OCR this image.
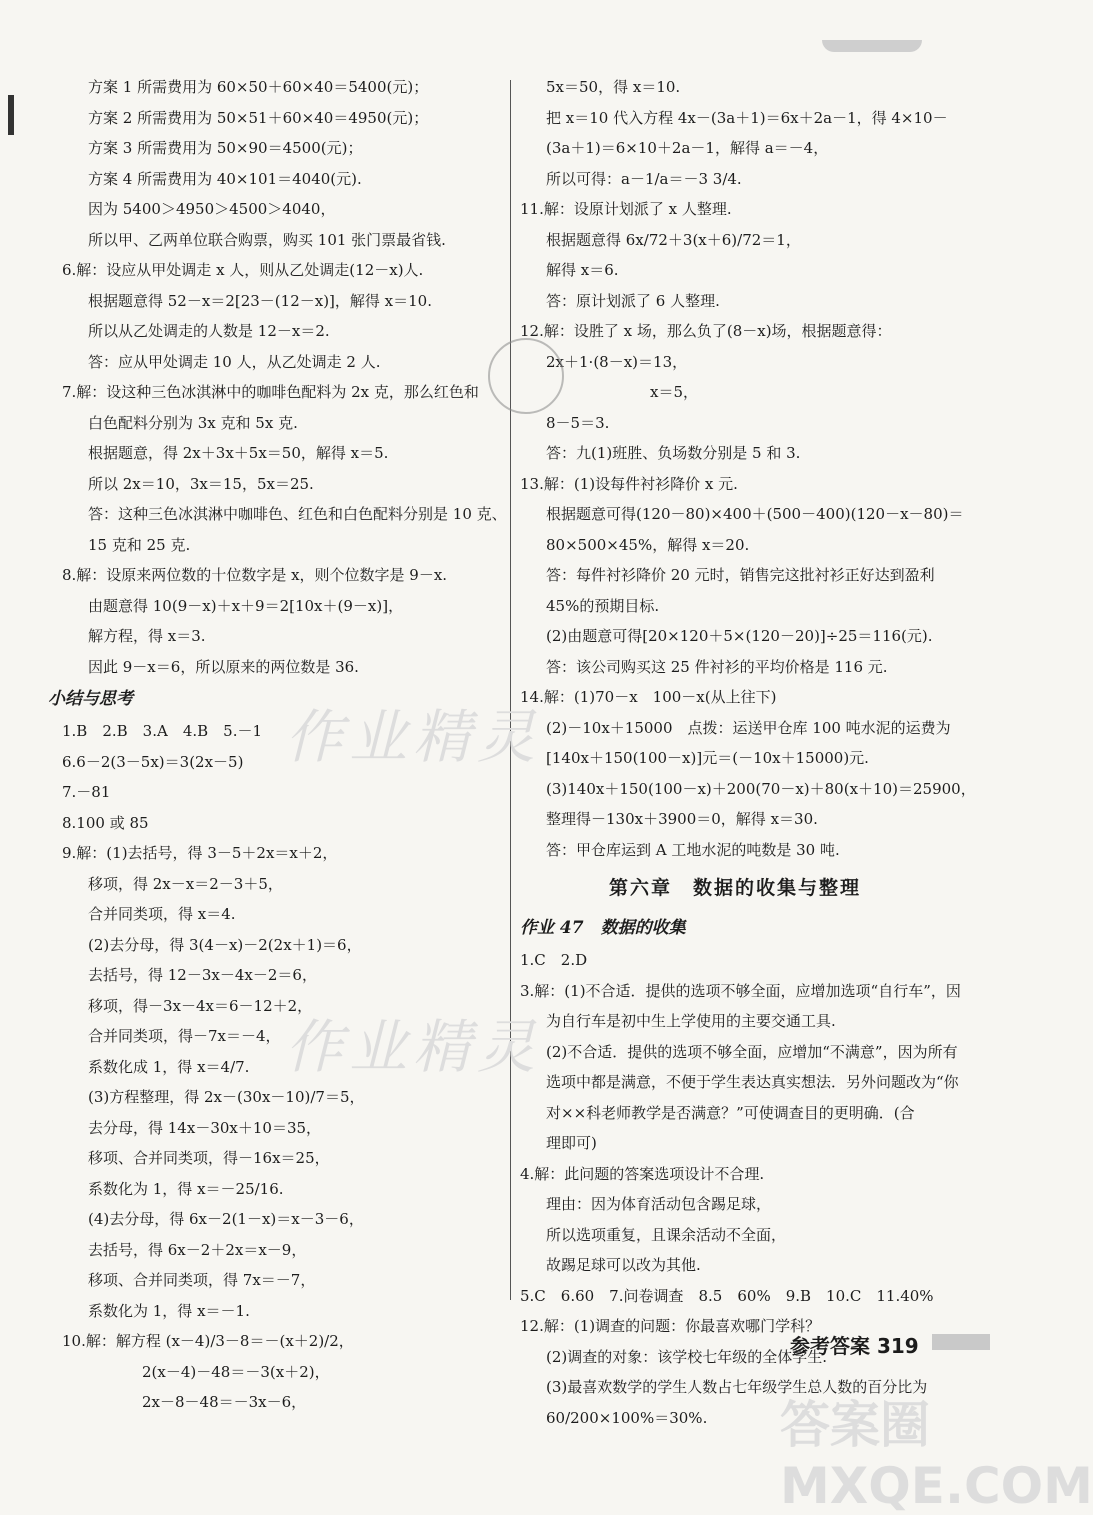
方案 1 所需费用为 60×50＋60×40＝5400(元)；
方案 2 所需费用为 50×51＋60×40＝4950(元)；
方案 3 所需费用为 50×90＝4500(元)；
方案 4 所需费用为 40×101＝4040(元).
因为 5400＞4950＞4500＞4040，
所以甲、乙两单位联合购票，购买 101 张门票最省钱.
6.解：设应从甲处调走 x 人，则从乙处调走(12－x)人.
根据题意得 52－x＝2[23－(12－x)]，解得 x＝10.
所以从乙处调走的人数是 12－x＝2.
答：应从甲处调走 10 人，从乙处调走 2 人.
7.解：设这种三色冰淇淋中的咖啡色配料为 2x 克，那么红色和
白色配料分别为 3x 克和 5x 克.
根据题意，得 2x＋3x＋5x＝50，解得 x＝5.
所以 2x＝10，3x＝15，5x＝25.
答：这种三色冰淇淋中咖啡色、红色和白色配料分别是 10 克、
15 克和 25 克.
8.解：设原来两位数的十位数字是 x，则个位数字是 9－x.
由题意得 10(9－x)＋x＋9＝2[10x＋(9－x)]，
解方程，得 x＝3.
因此 9－x＝6，所以原来的两位数是 36.
小结与思考
1.B　2.B　3.A　4.B　5.－1
6.6－2(3－5x)＝3(2x－5)
7.－81
8.100 或 85
9.解：(1)去括号，得 3－5＋2x＝x＋2，
移项，得 2x－x＝2－3＋5，
合并同类项，得 x＝4.
(2)去分母，得 3(4－x)－2(2x＋1)＝6，
去括号，得 12－3x－4x－2＝6，
移项，得－3x－4x＝6－12＋2，
合并同类项，得－7x＝－4，
系数化成 1，得 x＝4/7.
(3)方程整理，得 2x－(30x－10)/7＝5，
去分母，得 14x－30x＋10＝35，
移项、合并同类项，得－16x＝25，
系数化为 1，得 x＝－25/16.
(4)去分母，得 6x－2(1－x)＝x－3－6，
去括号，得 6x－2＋2x＝x－9，
移项、合并同类项，得 7x＝－7，
系数化为 1，得 x＝－1.
10.解：解方程 (x－4)/3－8＝－(x＋2)/2，
2(x－4)－48＝－3(x＋2)，
2x－8－48＝－3x－6，
5x＝50，得 x＝10.
把 x＝10 代入方程 4x－(3a＋1)＝6x＋2a－1，得 4×10－
(3a＋1)＝6×10＋2a－1，解得 a＝－4，
所以可得：a－1/a＝－3 3/4.
11.解：设原计划派了 x 人整理.
根据题意得 6x/72＋3(x＋6)/72＝1，
解得 x＝6.
答：原计划派了 6 人整理.
12.解：设胜了 x 场，那么负了(8－x)场，根据题意得：
2x＋1·(8－x)＝13，
x＝5，
8－5＝3.
答：九(1)班胜、负场数分别是 5 和 3.
13.解：(1)设每件衬衫降价 x 元.
根据题意可得(120－80)×400＋(500－400)(120－x－80)＝
80×500×45%，解得 x＝20.
答：每件衬衫降价 20 元时，销售完这批衬衫正好达到盈利
45%的预期目标.
(2)由题意可得[20×120＋5×(120－20)]÷25＝116(元).
答：该公司购买这 25 件衬衫的平均价格是 116 元.
14.解：(1)70－x　100－x(从上往下)
(2)－10x＋15000　点拨：运送甲仓库 100 吨水泥的运费为
[140x＋150(100－x)]元＝(－10x＋15000)元.
(3)140x＋150(100－x)＋200(70－x)＋80(x＋10)＝25900，
整理得－130x＋3900＝0，解得 x＝30.
答：甲仓库运到 A 工地水泥的吨数是 30 吨.
第六章　数据的收集与整理
作业 47　数据的收集
1.C　2.D
3.解：(1)不合适．提供的选项不够全面，应增加选项“自行车”，因
为自行车是初中生上学使用的主要交通工具.
(2)不合适．提供的选项不够全面，应增加“不满意”，因为所有
选项中都是满意，不便于学生表达真实想法．另外问题改为“你
对××科老师教学是否满意？”可使调查目的更明确．(合
理即可)
4.解：此问题的答案选项设计不合理.
理由：因为体育活动包含踢足球，
所以选项重复，且课余活动不全面，
故踢足球可以改为其他.
5.C　6.60　7.问卷调查　8.5　60%　9.B　10.C　11.40%
12.解：(1)调查的问题：你最喜欢哪门学科？
(2)调查的对象：该学校七年级的全体学生.
(3)最喜欢数学的学生人数占七年级学生总人数的百分比为
60/200×100%＝30%.
作业精灵
作业精灵
答案圈 MXQE.COM
参考答案 319
